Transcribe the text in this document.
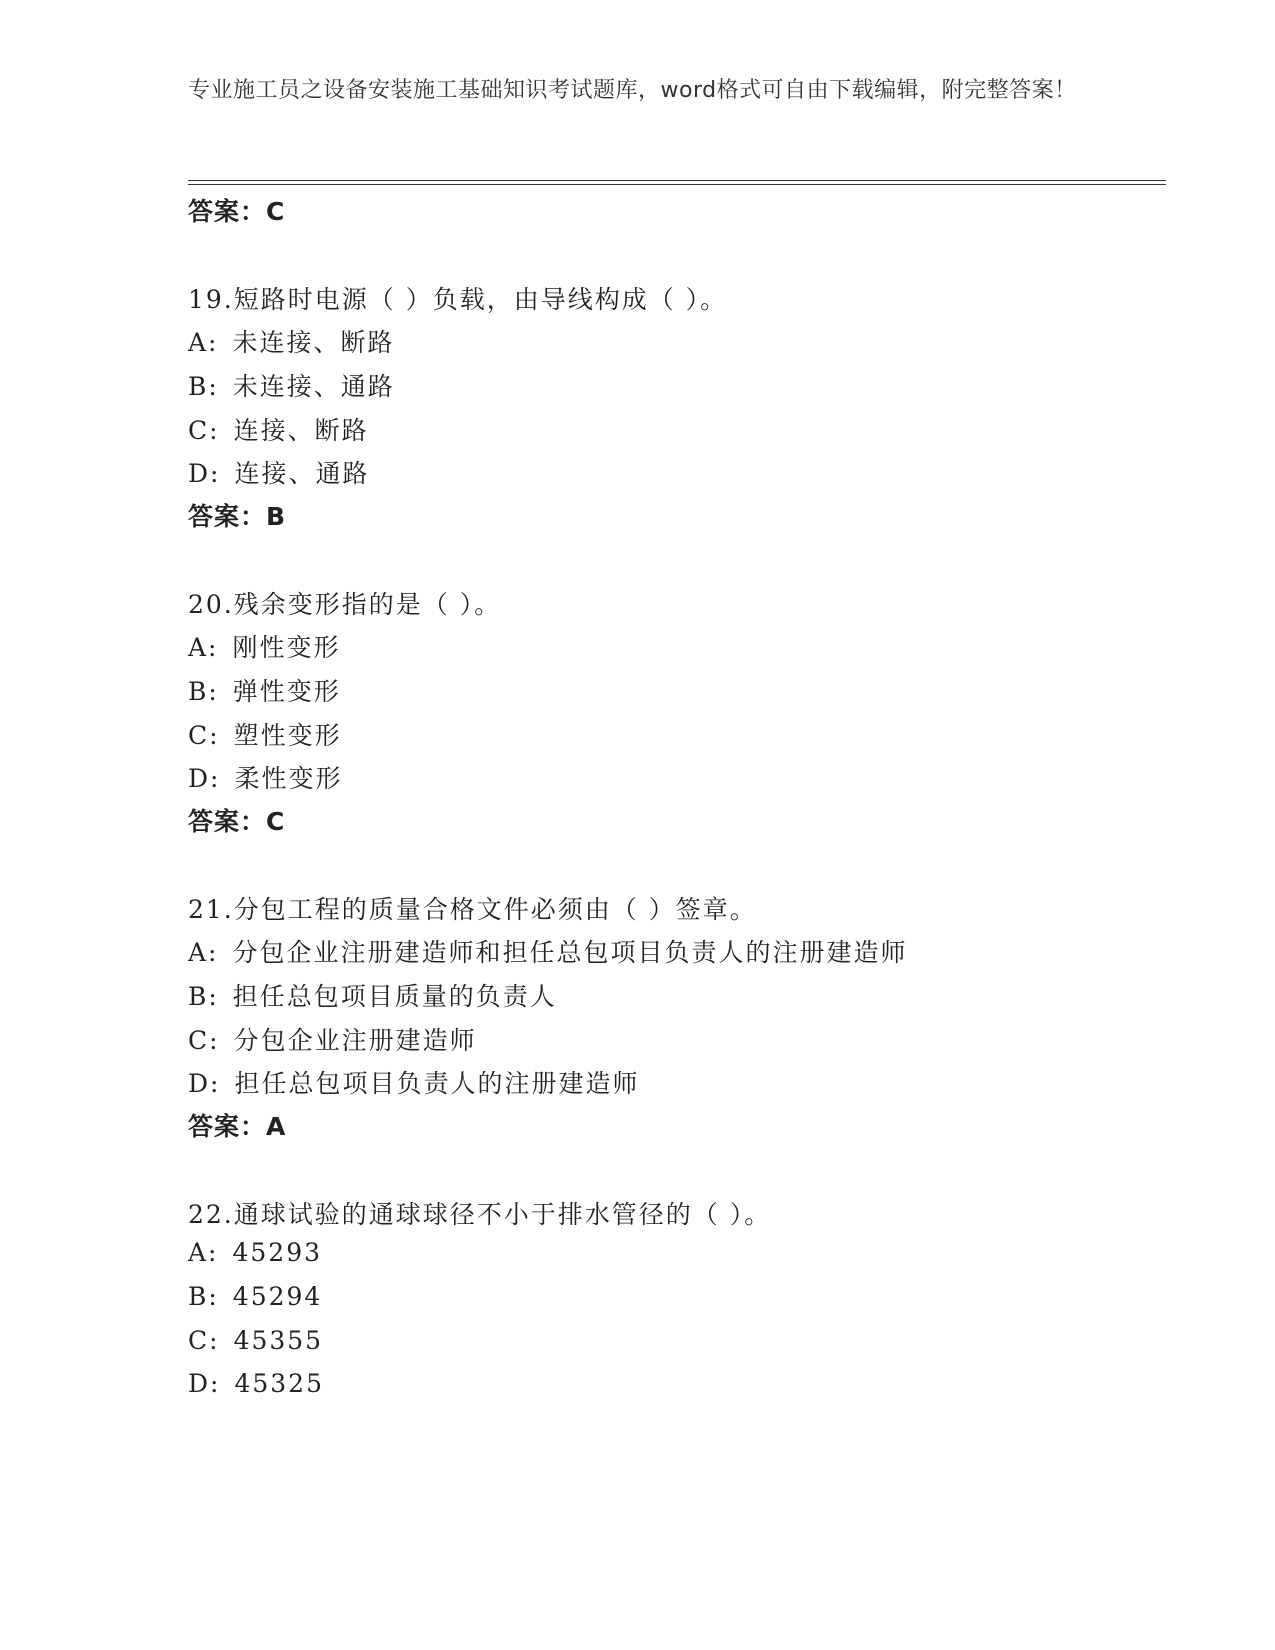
专业施工员之设备安装施工基础知识考试题库，word格式可自由下载编辑，附完整答案！
答案：C
19.短路时电源（ ）负载，由导线构成（ ）。
A: 未连接、断路
B: 未连接、通路
C: 连接、断路
D: 连接、通路
答案：B
20.残余变形指的是（ ）。
A: 刚性变形
B: 弹性变形
C: 塑性变形
D: 柔性变形
答案：C
21.分包工程的质量合格文件必须由（ ）签章。
A: 分包企业注册建造师和担任总包项目负责人的注册建造师
B: 担任总包项目质量的负责人
C: 分包企业注册建造师
D: 担任总包项目负责人的注册建造师
答案：A
22.通球试验的通球球径不小于排水管径的（ ）。
A: 45293
B: 45294
C: 45355
D: 45325
